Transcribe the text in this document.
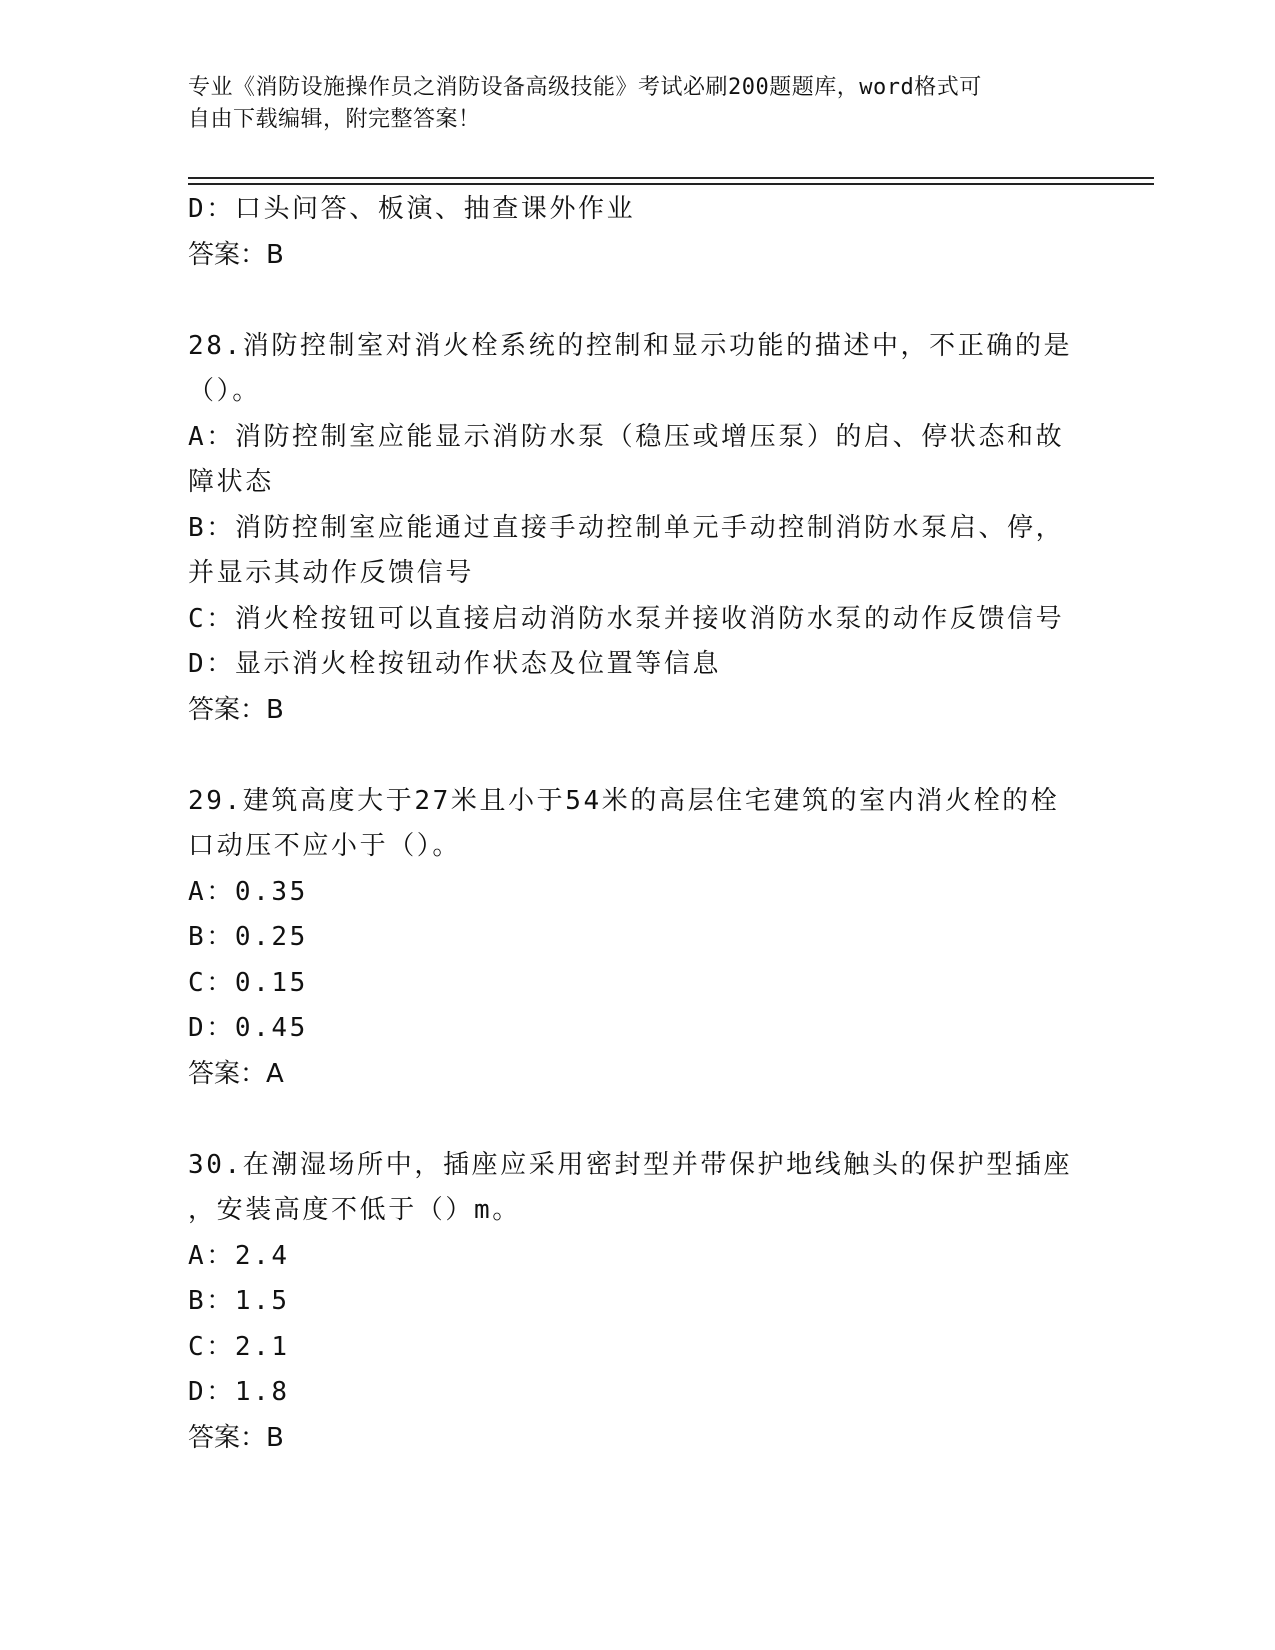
专业《消防设施操作员之消防设备高级技能》考试必刷200题题库，word格式可
自由下载编辑，附完整答案！
D：口头问答、板演、抽查课外作业
答案：B
28.消防控制室对消火栓系统的控制和显示功能的描述中，不正确的是
（）。
A：消防控制室应能显示消防水泵（稳压或增压泵）的启、停状态和故
障状态
B：消防控制室应能通过直接手动控制单元手动控制消防水泵启、停，
并显示其动作反馈信号
C：消火栓按钮可以直接启动消防水泵并接收消防水泵的动作反馈信号
D：显示消火栓按钮动作状态及位置等信息
答案：B
29.建筑高度大于27米且小于54米的高层住宅建筑的室内消火栓的栓
口动压不应小于（）。
A：0.35
B：0.25
C：0.15
D：0.45
答案：A
30.在潮湿场所中，插座应采用密封型并带保护地线触头的保护型插座
，安装高度不低于（）m。
A：2.4
B：1.5
C：2.1
D：1.8
答案：B
